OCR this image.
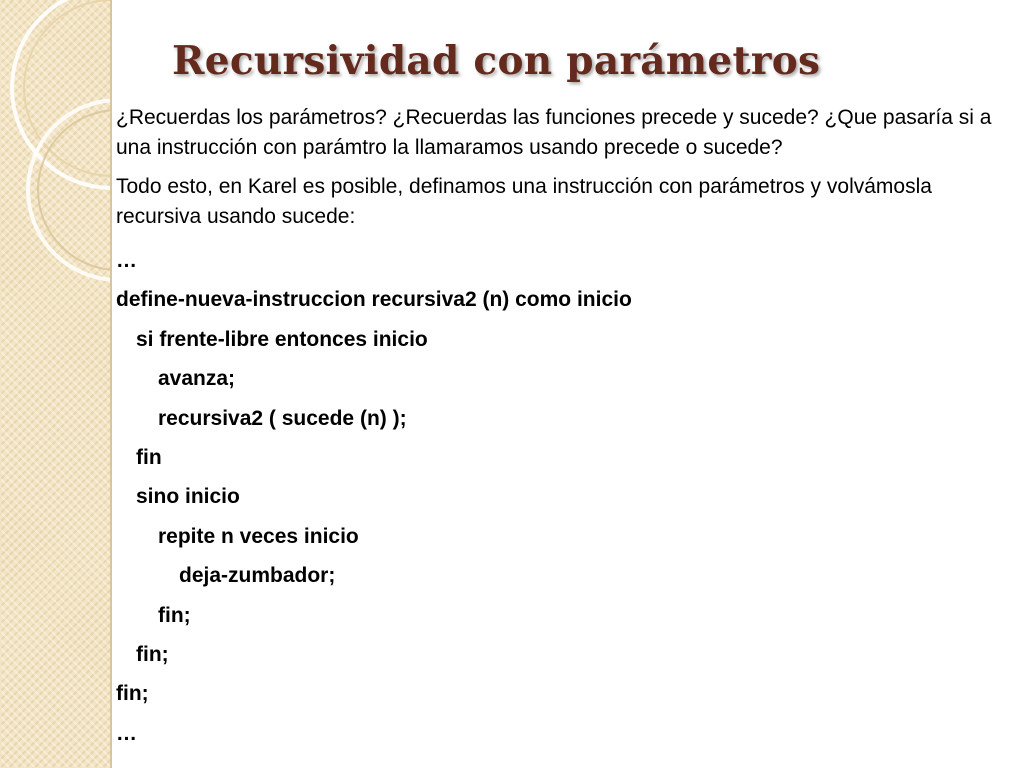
Recursividad con parámetros

¿Recuerdas los parámetros? ¿Recuerdas las funciones precede y sucede? ¿Que pasaría si a una instrucción con parámtro la llamaramos usando precede o sucede?

Todo esto, en Karel es posible, definamos una instrucción con parámetros y volvámosla recursiva usando sucede:

…
define-nueva-instruccion recursiva2 (n) como inicio
si frente-libre entonces inicio
avanza;
recursiva2 ( sucede (n) );
fin
sino inicio
repite n veces inicio
deja-zumbador;
fin;
fin;
fin;
…
